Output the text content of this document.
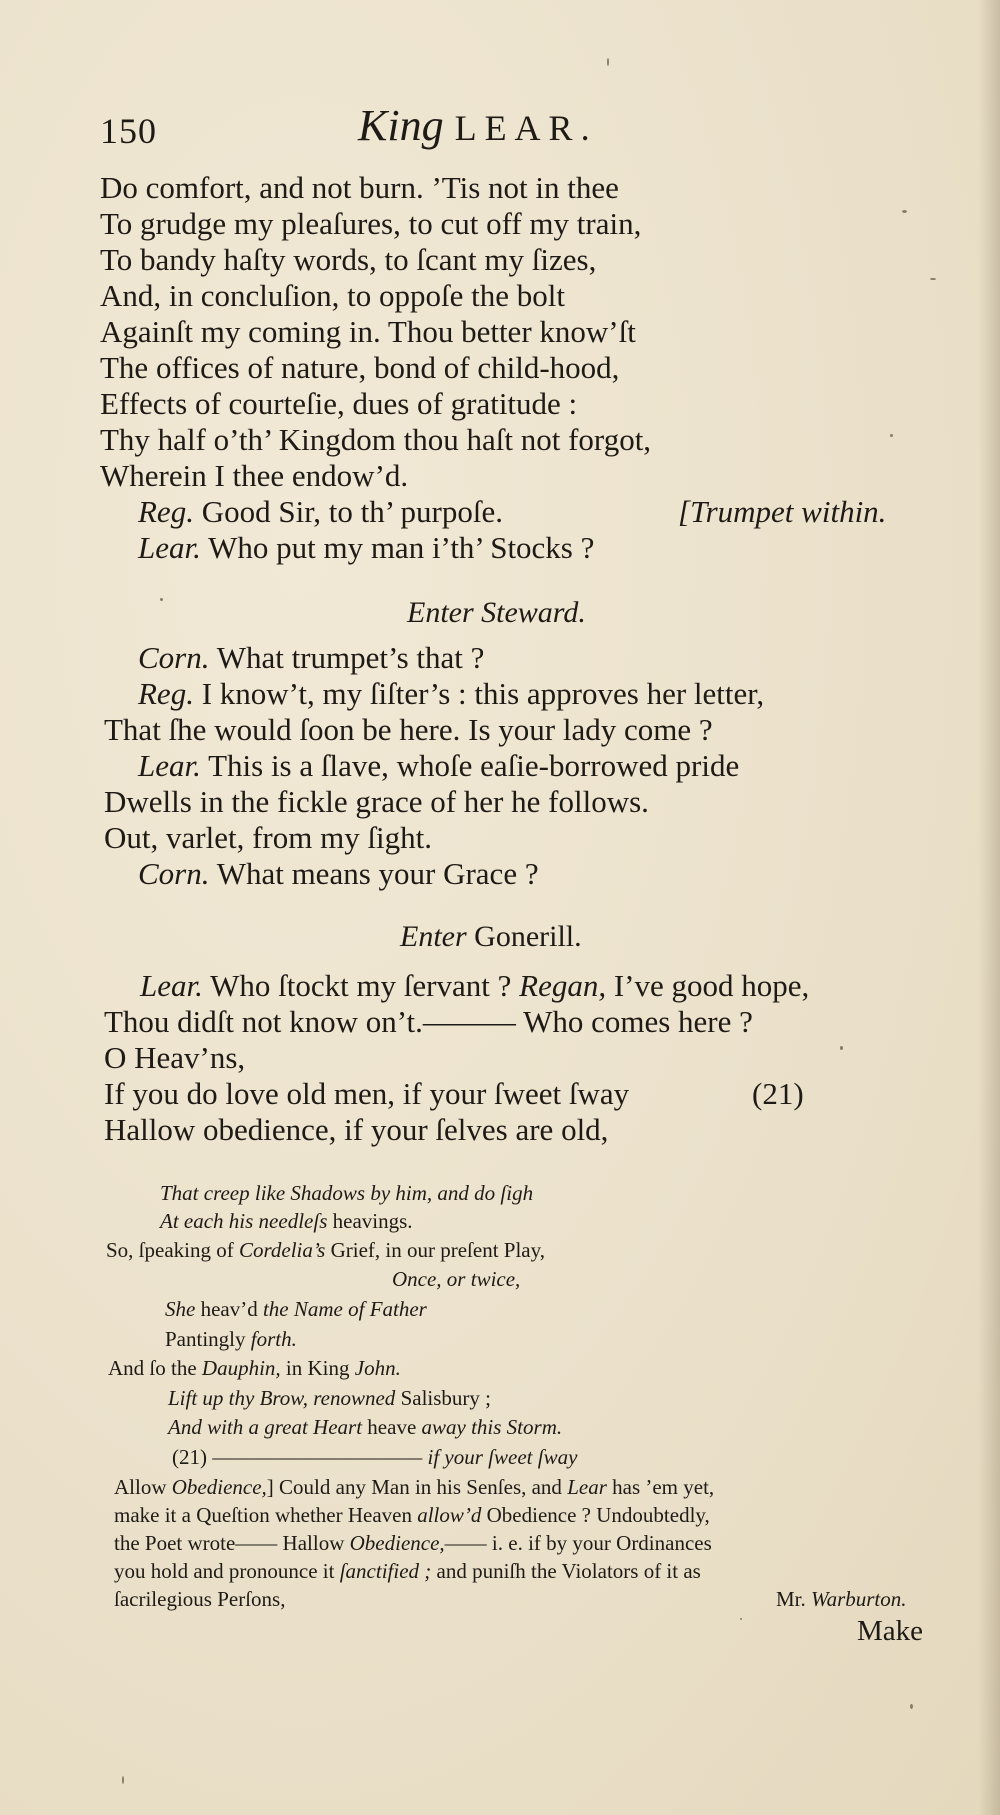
150	King LEAR.
Do comfort, and not burn. ’Tis not in thee
To grudge my pleaſures, to cut off my train,
To bandy haſty words, to ſcant my ſizes,
And, in concluſion, to oppoſe the bolt
Againſt my coming in. Thou better know’ſt
The offices of nature, bond of child-hood,
Effects of courteſie, dues of gratitude :
Thy half o’th’ Kingdom thou haſt not forgot,
Wherein I thee endow’d.
Reg. Good Sir, to th’ purpoſe.	[Trumpet within.
Lear. Who put my man i’th’ Stocks ?
Enter Steward.
Corn. What trumpet’s that ?
Reg. I know’t, my ſiſter’s : this approves her letter,
That ſhe would ſoon be here. Is your lady come ?
Lear. This is a ſlave, whoſe eaſie-borrowed pride
Dwells in the fickle grace of her he follows.
Out, varlet, from my ſight.
Corn. What means your Grace ?
Enter Gonerill.
Lear. Who ſtockt my ſervant ? Regan, I’ve good hope,
Thou didſt not know on’t.——— Who comes here ?
O Heav’ns,
If you do love old men, if your ſweet ſway	(21)
Hallow obedience, if your ſelves are old,
That creep like Shadows by him, and do ſigh
At each his needleſs heavings.
So, ſpeaking of Cordelia’s Grief, in our preſent Play,
Once, or twice,
She heav’d the Name of Father
Pantingly forth.
And ſo the Dauphin, in King John.
Lift up thy Brow, renowned Salisbury ;
And with a great Heart heave away this Storm.
(21) —————————— if your ſweet ſway
Allow Obedience,] Could any Man in his Senſes, and Lear has ’em yet,
make it a Queſtion whether Heaven allow’d Obedience ? Undoubtedly,
the Poet wrote—— Hallow Obedience,—— i. e. if by your Ordinances
you hold and pronounce it ſanctified ; and puniſh the Violators of it as
ſacrilegious Perſons,	Mr. Warburton.
Make
